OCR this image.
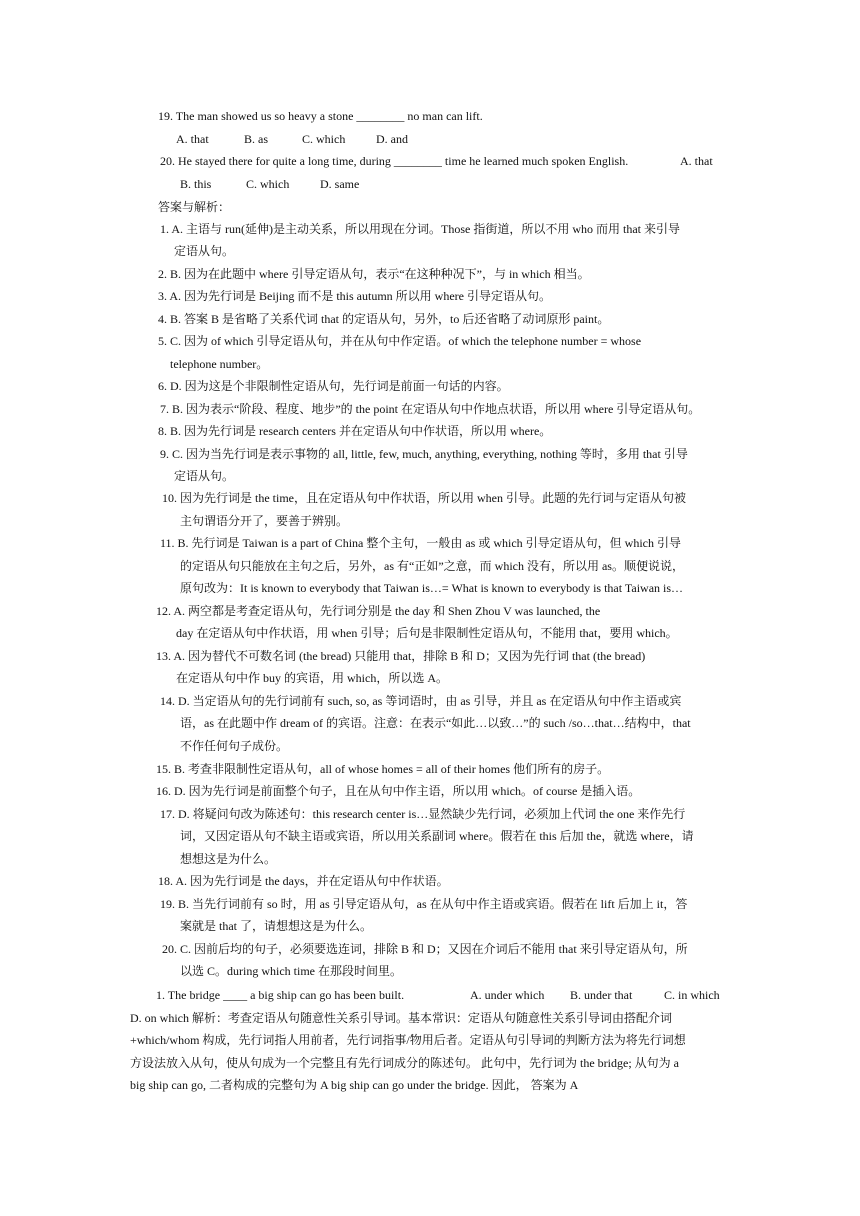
19. The man showed us so heavy a stone ________ no man can lift.
A. that	B. as	C. which	D. and
20. He stayed there for quite a long time, during ________ time he learned much spoken English.	A. that
B. this	C. which	D. same
答案与解析：
1. A. 主语与 run(延伸)是主动关系，所以用现在分词。Those 指街道，所以不用 who 而用 that 来引导
定语从句。
2. B. 因为在此题中 where 引导定语从句，表示“在这种种况下”，与 in which 相当。
3. A. 因为先行词是 Beijing 而不是 this autumn 所以用 where 引导定语从句。
4. B. 答案 B 是省略了关系代词 that 的定语从句，另外，to 后还省略了动词原形 paint。
5. C. 因为 of which 引导定语从句，并在从句中作定语。of which the telephone number = whose
telephone number。
6. D. 因为这是个非限制性定语从句，先行词是前面一句话的内容。
7. B. 因为表示“阶段、程度、地步”的 the point 在定语从句中作地点状语，所以用 where 引导定语从句。
8. B. 因为先行词是 research centers 并在定语从句中作状语，所以用 where。
9. C. 因为当先行词是表示事物的 all, little, few, much, anything, everything, nothing 等时，多用 that 引导
定语从句。
10. 因为先行词是 the time，且在定语从句中作状语，所以用 when 引导。此题的先行词与定语从句被
主句谓语分开了，要善于辨别。
11. B. 先行词是 Taiwan is a part of China 整个主句，一般由 as 或 which 引导定语从句，但 which 引导
的定语从句只能放在主句之后，另外，as 有“正如”之意，而 which 没有，所以用 as。顺便说说，
原句改为：It is known to everybody that Taiwan is…= What is known to everybody is that Taiwan is…
12. A. 两空都是考查定语从句，先行词分别是 the day 和 Shen Zhou V was launched, the
day 在定语从句中作状语，用 when 引导；后句是非限制性定语从句，不能用 that，要用 which。
13. A. 因为替代不可数名词 (the bread) 只能用 that，排除 B 和 D；又因为先行词 that (the bread)
在定语从句中作 buy 的宾语，用 which，所以选 A。
14. D. 当定语从句的先行词前有 such, so, as 等词语时，由 as 引导，并且 as 在定语从句中作主语或宾
语，as 在此题中作 dream of 的宾语。注意：在表示“如此…以致…”的 such /so…that…结构中，that
不作任何句子成份。
15. B. 考查非限制性定语从句，all of whose homes = all of their homes 他们所有的房子。
16. D. 因为先行词是前面整个句子，且在从句中作主语，所以用 which。of course 是插入语。
17. D. 将疑问句改为陈述句：this research center is…显然缺少先行词，必须加上代词 the one 来作先行
词，又因定语从句不缺主语或宾语，所以用关系副词 where。假若在 this 后加 the，就选 where，请
想想这是为什么。
18. A. 因为先行词是 the days，并在定语从句中作状语。
19. B. 当先行词前有 so 时，用 as 引导定语从句，as 在从句中作主语或宾语。假若在 lift 后加上 it，答
案就是 that 了，请想想这是为什么。
20. C. 因前后均的句子，必须要选连词，排除 B 和 D；又因在介词后不能用 that 来引导定语从句，所
以选 C。during which time 在那段时间里。
1. The bridge ____ a big ship can go has been built.	A. under which B. under that	C. in which
D. on which 解析：考查定语从句随意性关系引导词。基本常识：定语从句随意性关系引导词由搭配介词
+which/whom 构成，先行词指人用前者，先行词指事/物用后者。定语从句引导词的判断方法为将先行词想
方设法放入从句，使从句成为一个完整且有先行词成分的陈述句。 此句中，先行词为 the bridge; 从句为 a
big ship can go, 二者构成的完整句为 A big ship can go under the bridge. 因此， 答案为 A
